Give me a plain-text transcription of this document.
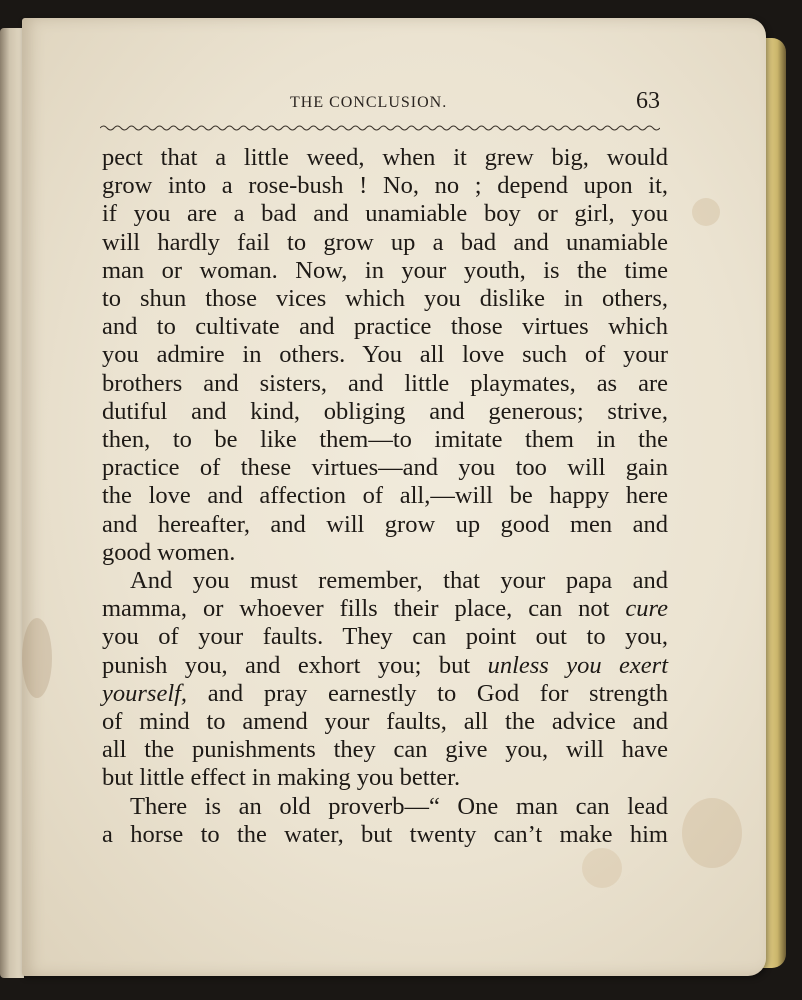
THE CONCLUSION.	63
pect that a little weed, when it grew big, would
grow into a rose-bush ! No, no ; depend upon it,
if you are a bad and unamiable boy or girl, you
will hardly fail to grow up a bad and unamiable
man or woman. Now, in your youth, is the time
to shun those vices which you dislike in others,
and to cultivate and practice those virtues which
you admire in others. You all love such of your
brothers and sisters, and little playmates, as are
dutiful and kind, obliging and generous; strive,
then, to be like them—to imitate them in the
practice of these virtues—and you too will gain
the love and affection of all,—will be happy here
and hereafter, and will grow up good men and
good women.
And you must remember, that your papa and
mamma, or whoever fills their place, can not cure
you of your faults. They can point out to you,
punish you, and exhort you; but unless you exert
yourself, and pray earnestly to God for strength
of mind to amend your faults, all the advice and
all the punishments they can give you, will have
but little effect in making you better.
There is an old proverb—“ One man can lead
a horse to the water, but twenty can’t make him
